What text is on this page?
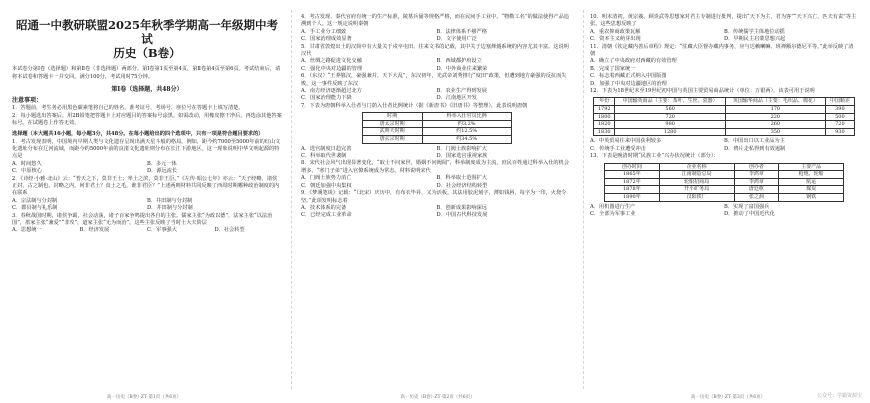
昭通一中教研联盟2025年秋季学期高一年级期中考试
历史（B卷）

本试卷分第Ⅰ卷（选择题）和第Ⅱ卷（非选择题）两部分。第Ⅰ卷第1页至第4页，第Ⅱ卷第4页至第6页。考试结束后，请将本试卷和答题卡一并交回。满分100分，考试用时75分钟。

第Ⅰ卷（选择题，共48分）
注意事项：

1．答题前，考生务必用黑色碳素笔将自己的姓名、准考证号、考场号、座位号在答题卡上填写清楚。

2．每小题选出答案后，用2B铅笔把答题卡上对应题目的答案标号涂黑。如需改动，用橡皮擦干净后，再选涂其他答案标号。在试题卷上作答无效。

选择题（本大题共16小题，每小题3分，共48分。在每小题给出的四个选项中，只有一项是符合题目要求的）

1．考古发现表明，中国境内早期人类与文化遗存呈现出满天星斗般的格局。例如，距今约7000至5000年前的红山文化遗址分布在辽河流域，而距今约5000年前的良渚文化遗址则分布在长江下游地区。这一现象说明中华文明起源的特点是

A．时间悠久	B．多元一体
C．中原核心	D．源远流长

2．《诗经·小雅·北山》云：“普天之下，莫非王土；率土之滨，莫非王臣。”《左传·昭公七年》亦云：“天子经略，诸侯正封，古之制也。封略之内，何非君土？食土之毛，谁非君臣？”上述两则材料共同反映了西周时期哪种政治制度的内在联系

A．宗法制与分封制	B．井田制与分封制
C．郡县制与礼乐制	D．井田制与分封制

3．春秋战国时期，诸侯争霸，社会动荡，诸子百家争鸣提出各自的主张。儒家主张“为政以德”，法家主张“以法治国”，墨家主张“兼爱”“非攻”，道家主张“无为而治”。这些主张反映了当时士大夫阶层

A．思想统一	B．经济发展	C．军事强大	D．社会转型
高一历史（B卷）·ZT·第1页（共6页）

4．考古发现，秦代官府有统一的生产标准，陵墓兵俑等规格严格，而在民间手工业中，“物勒工名”的做法使得产品追溯到个人。这一规定说明秦朝

A．手工业分工细致	B．法律体系不够严格
C．国家治理成效显著	D．文字使用广泛

5．甘肃省敦煌出土的汉简中有大量关于戍卒屯田、往来文书的记载，其中关于边塞烽燧系统的内容尤其丰富。这说明汉代

A．丝绸之路促进文化交融	B．西域都护府设立
C．强化中央对边疆的管理	D．中外商业往来繁荣

6．（东汉）“王莽篡汉，豪强兼并，天下大乱”，东汉初年，光武帝刘秀推行“度田”政策，但遭到地方豪强的反抗而失败。这一事件反映了东汉

A．南方经济逐渐超过北方	B．农业生产得到发展
C．国家治理能力下降	D．江南地区开发

7．下表为唐朝科举入仕者与门荫入仕者比例统计（据《新唐书》《旧唐书》等整理），此表说明唐朝

时期	科举入仕官员比例
唐太宗时期	约3.2%
武则天时期	约12.5%
唐玄宗时期	约34.5%
A．选官制度日趋完善	B．门阀士族影响扩大
C．科举取代世袭制	D．国家选官重视家族

8．宋代社会风气出现显著变化，“取士不问家世，婚姻不问阀阅”，科举制度成为主流，庶民百姓通过科举入仕的机会增多，“寒门子弟”进入官僚系统成为常态。材料说明宋代

A．门阀士族势力消亡	B．科举取士范围扩大
C．朝廷加强中央集权	D．社会经济结构转型

9．《梦溪笔谈》记载：“（北宋）庆历中，有布衣毕昇，又为活板。其法用胶泥刻字，薄如钱唇，每字为一印，火烧令坚。”此项发明标志着

A．技术体系的完备	B．创新成果影响深远
C．已经完成工业革命	D．中国古代科技发展
高一历史（B卷）·ZT·第2页（共6页）

10．明末清初，黄宗羲、顾炎武等思想家对君主专制进行批判，提出“天下为主，君为客”“天下兴亡，匹夫有责”等主张。这些思想反映了

A．重农抑商政策瓦解	B．传统儒学主体地位动摇
C．资本主义萌芽出现	D．早期民主启蒙思想兴起

11．清朝《钦定藏内善后章程》规定：“驻藏大臣督办藏内事务，应与达赖喇嘛、班禅额尔德尼平等。”此举反映了清朝

A．确立了中央政府对西藏的有效管理

B．完成了国家统一

C．标志着西藏正式纳入中国版图

D．加强了中央对边疆地区的治理

12．下表为18世纪末至19世纪初中国与英国主要贸易商品统计（单位：万银两）。该表可用于说明

年份	中国输英商品（主要：茶叶、生丝、瓷器）	英国输华商品（主要：毛织品、棉花）	中国顺差
1792	560	170	390
1800	720	220	500
1820	980	260	720
1830	1280	350	930
A．中英贸易往来中国获利较多	B．中国出口以工业品为主
C．传统手工业遭受冲击	D．鸦片走私得到有效遏制

13．下表是晚清时期“民族工业”兴办状况统计（部分）：

创办时间	企业名称	创办者	主要产品
1865年	江南制造总局	李鸿章	枪炮、轮船
1872年	轮船招商局	李鸿章	航运
1878年	开平矿务局	唐廷枢	煤炭
1890年	汉阳铁厂	张之洞	钢铁
A．用机器进行生产	B．实现了富国强兵
C．全部为军事工业	D．推动了中国近代化
高一历史（B卷）·ZT·第3页（共6页）	公众号：学霸资源宝
